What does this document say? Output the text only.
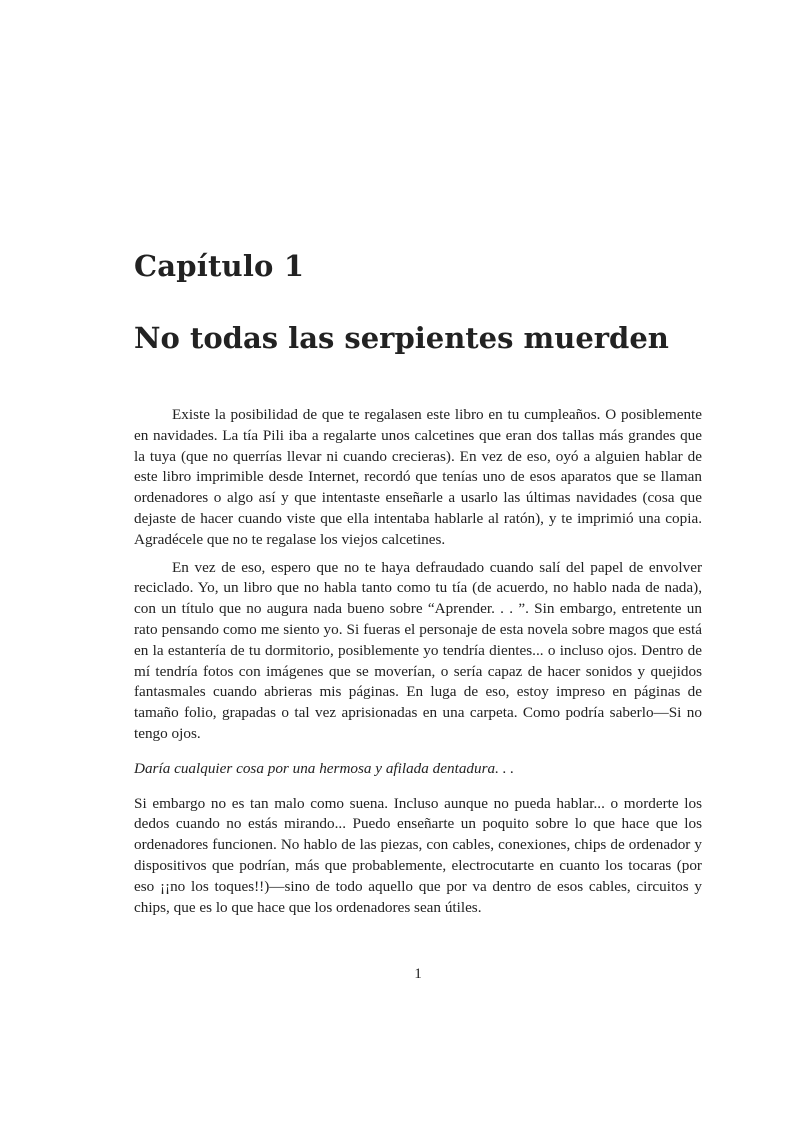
Capítulo 1
No todas las serpientes muerden

Existe la posibilidad de que te regalasen este libro en tu cumpleaños. O posiblemente en navidades. La tía Pili iba a regalarte unos calcetines que eran dos tallas más grandes que la tuya (que no querrías llevar ni cuando crecieras). En vez de eso, oyó a alguien hablar de este libro imprimible desde Internet, recordó que tenías uno de esos aparatos que se llaman ordenadores o algo así y que intentaste enseñarle a usarlo las últimas navidades (cosa que dejaste de hacer cuando viste que ella intentaba hablarle al ratón), y te imprimió una copia. Agradécele que no te regalase los viejos calcetines.

En vez de eso, espero que no te haya defraudado cuando salí del papel de envolver reciclado. Yo, un libro que no habla tanto como tu tía (de acuerdo, no hablo nada de nada), con un título que no augura nada bueno sobre “Aprender. . . ”. Sin embargo, entretente un rato pensando como me siento yo. Si fueras el personaje de esta novela sobre magos que está en la estantería de tu dormitorio, posiblemente yo tendría dientes... o incluso ojos. Dentro de mí tendría fotos con imágenes que se moverían, o sería capaz de hacer sonidos y quejidos fantasmales cuando abrieras mis páginas. En luga de eso, estoy impreso en páginas de tamaño folio, grapadas o tal vez aprisionadas en una carpeta. Como podría saberlo—Si no tengo ojos.

Daría cualquier cosa por una hermosa y afilada dentadura. . .

Si embargo no es tan malo como suena. Incluso aunque no pueda hablar... o morderte los dedos cuando no estás mirando... Puedo enseñarte un poquito sobre lo que hace que los ordenadores funcionen. No hablo de las piezas, con cables, conexiones, chips de ordenador y dispositivos que podrían, más que probablemente, electrocutarte en cuanto los tocaras (por eso ¡¡no los toques!!)—sino de todo aquello que por va dentro de esos cables, circuitos y chips, que es lo que hace que los ordenadores sean útiles.

1
